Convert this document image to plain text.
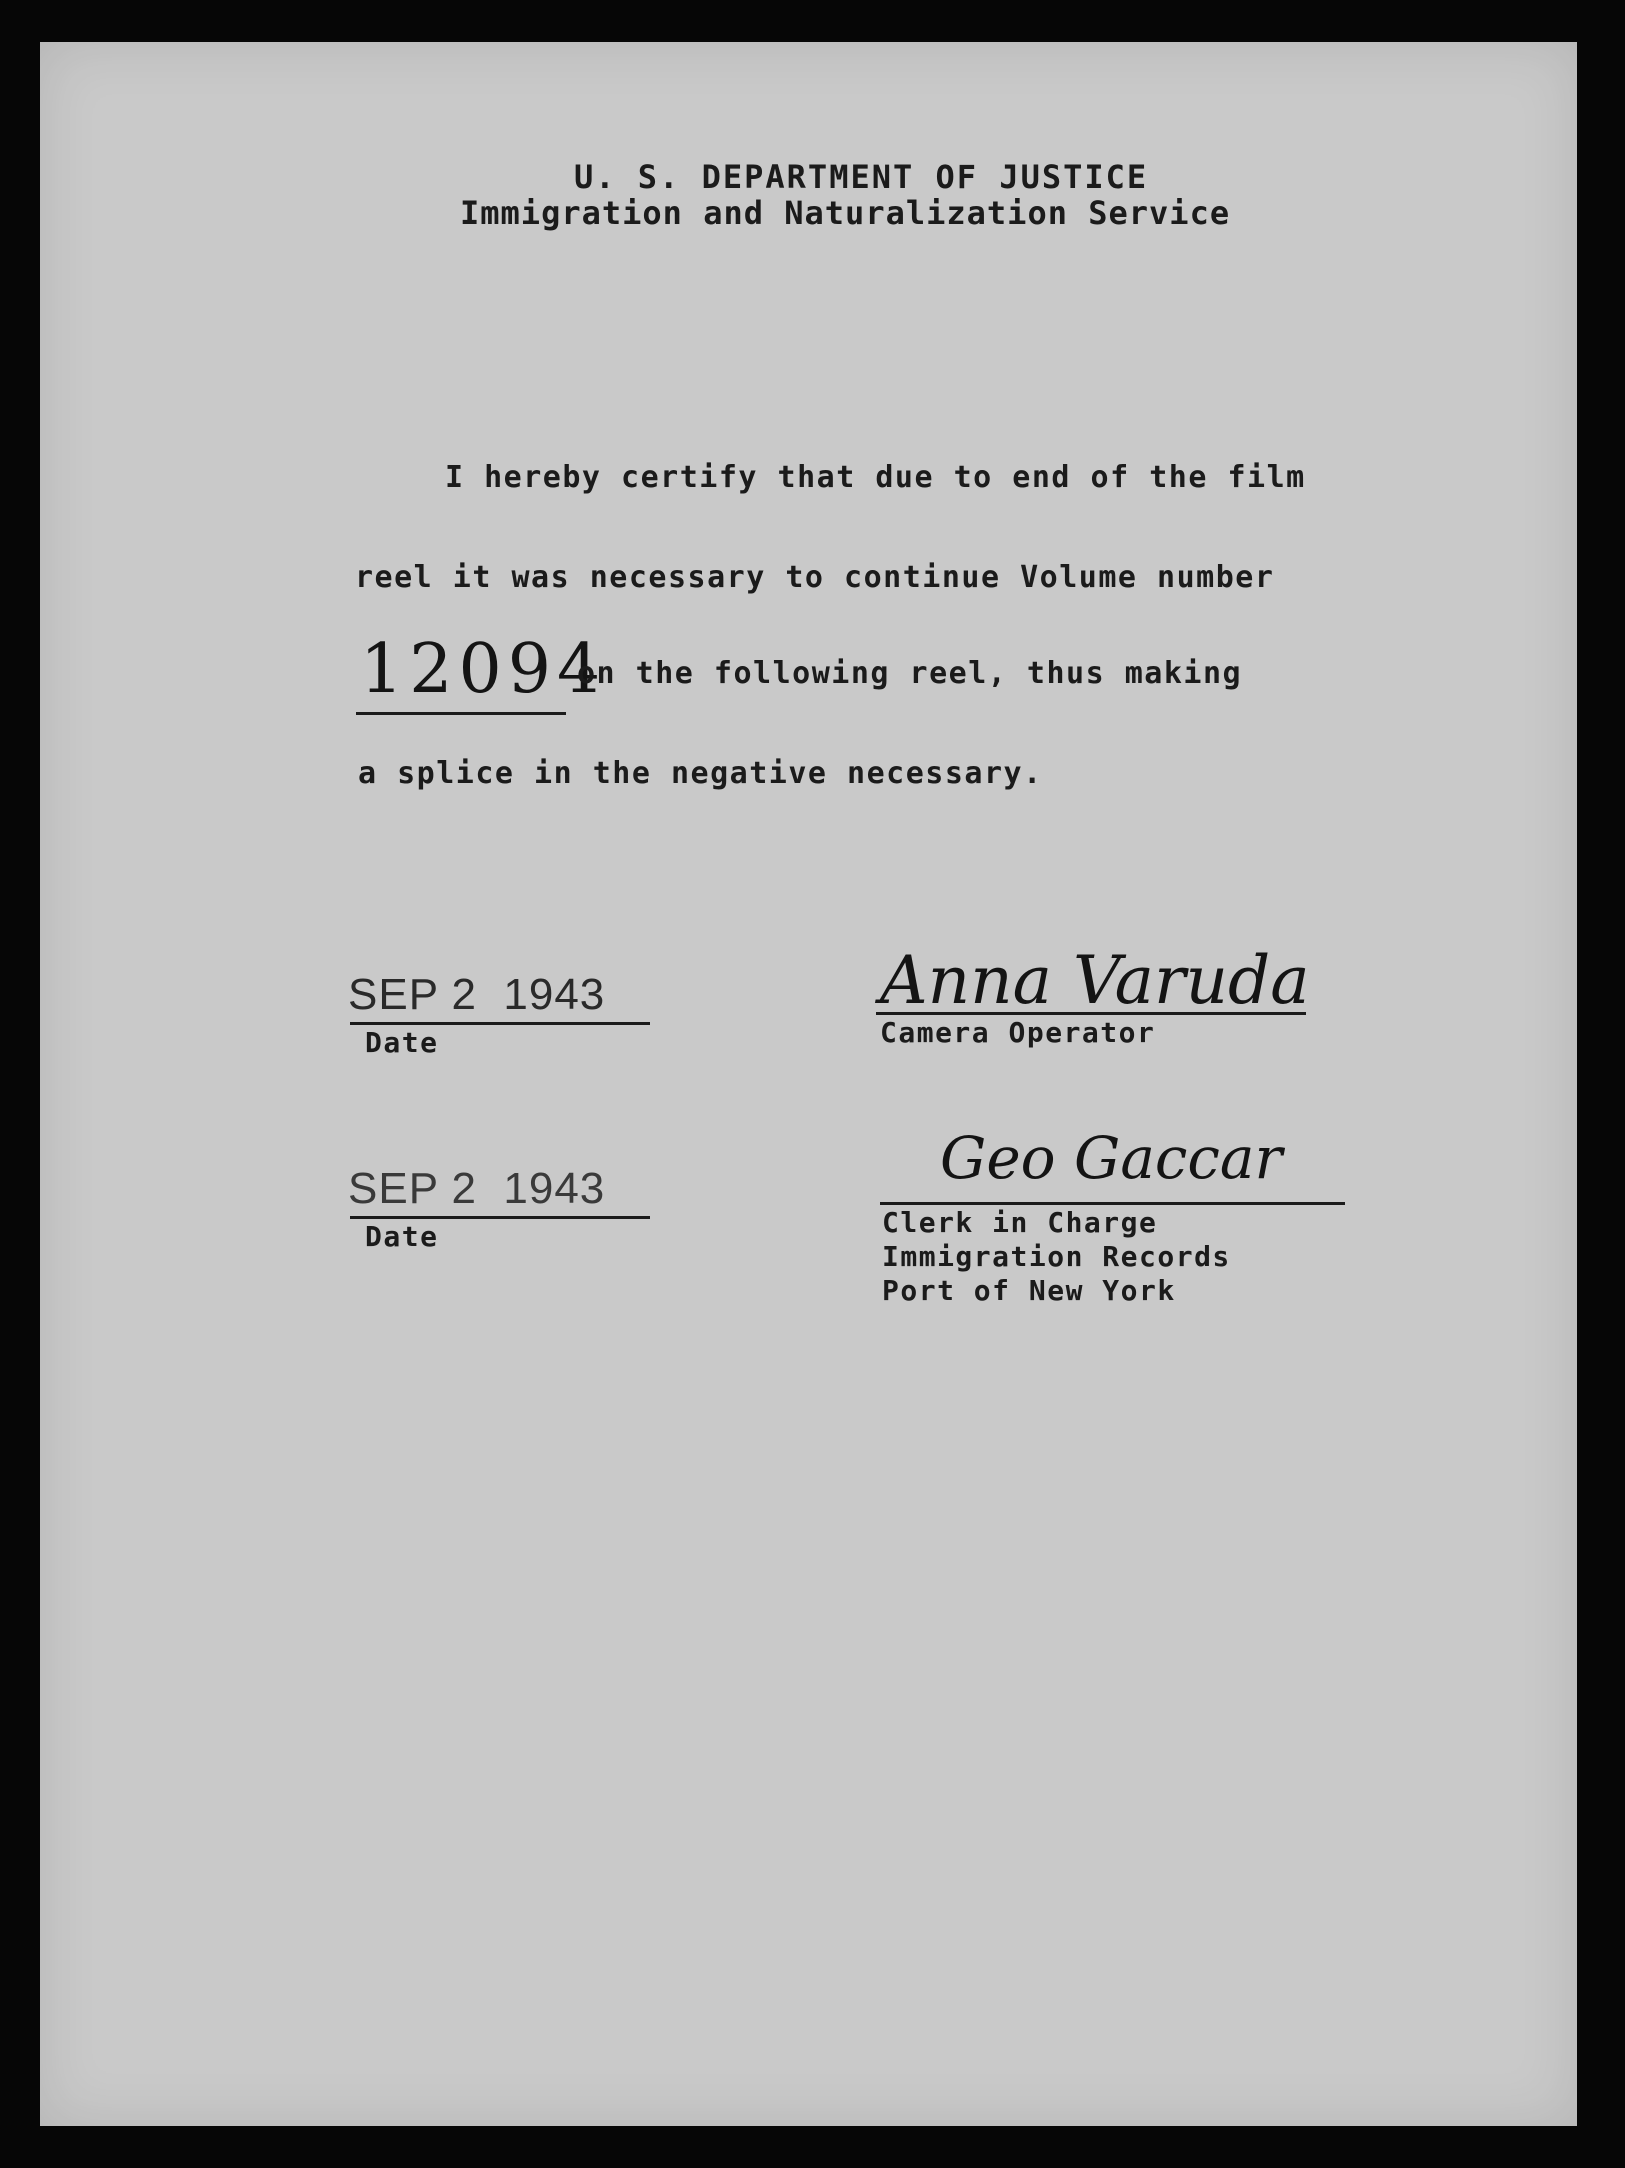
U. S. DEPARTMENT OF JUSTICE
Immigration and Naturalization Service
I hereby certify that due to end of the film
reel it was necessary to continue Volume number
12094
on the following reel, thus making
a splice in the negative necessary.
SEP 2  1943
Date
Anna Varuda
Camera Operator
SEP 2  1943
Date
Geo Gaccar
Clerk in Charge
Immigration Records
Port of New York
